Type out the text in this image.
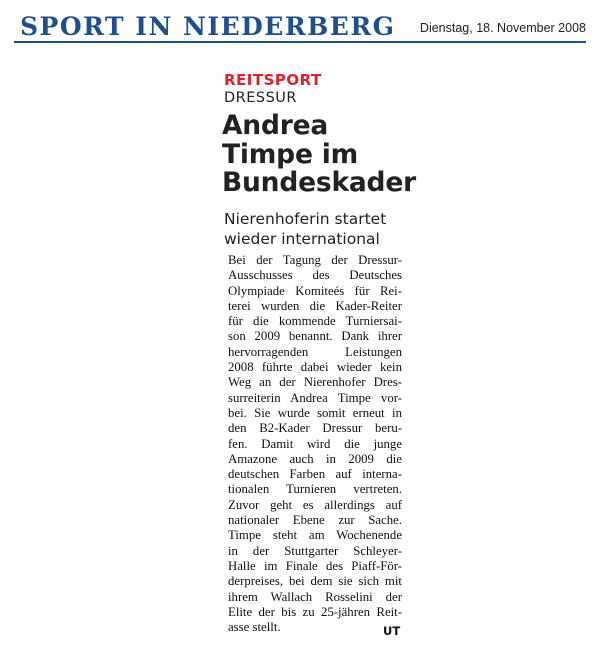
SPORT IN NIEDERBERG Dienstag, 18. November 2008
REITSPORT
DRESSUR
Andrea
Timpe im
Bundeskader
Nierenhoferin startet
wieder international
Bei der Tagung der Dressur-
Ausschusses des Deutsches
Olympiade Komiteés für Rei-
terei wurden die Kader-Reiter
für die kommende Turniersai-
son 2009 benannt. Dank ihrer
hervorragenden Leistungen
2008 führte dabei wieder kein
Weg an der Nierenhofer Dres-
surreiterin Andrea Timpe vor-
bei. Sie wurde somit erneut in
den B2-Kader Dressur beru-
fen. Damit wird die junge
Amazone auch in 2009 die
deutschen Farben auf interna-
tionalen Turnieren vertreten.
Zuvor geht es allerdings auf
nationaler Ebene zur Sache.
Timpe steht am Wochenende
in der Stuttgarter Schleyer-
Halle im Finale des Piaff-För-
derpreises, bei dem sie sich mit
ihrem Wallach Rosselini der
Elite der bis zu 25-jähren Reit-
asse stellt.	UT
